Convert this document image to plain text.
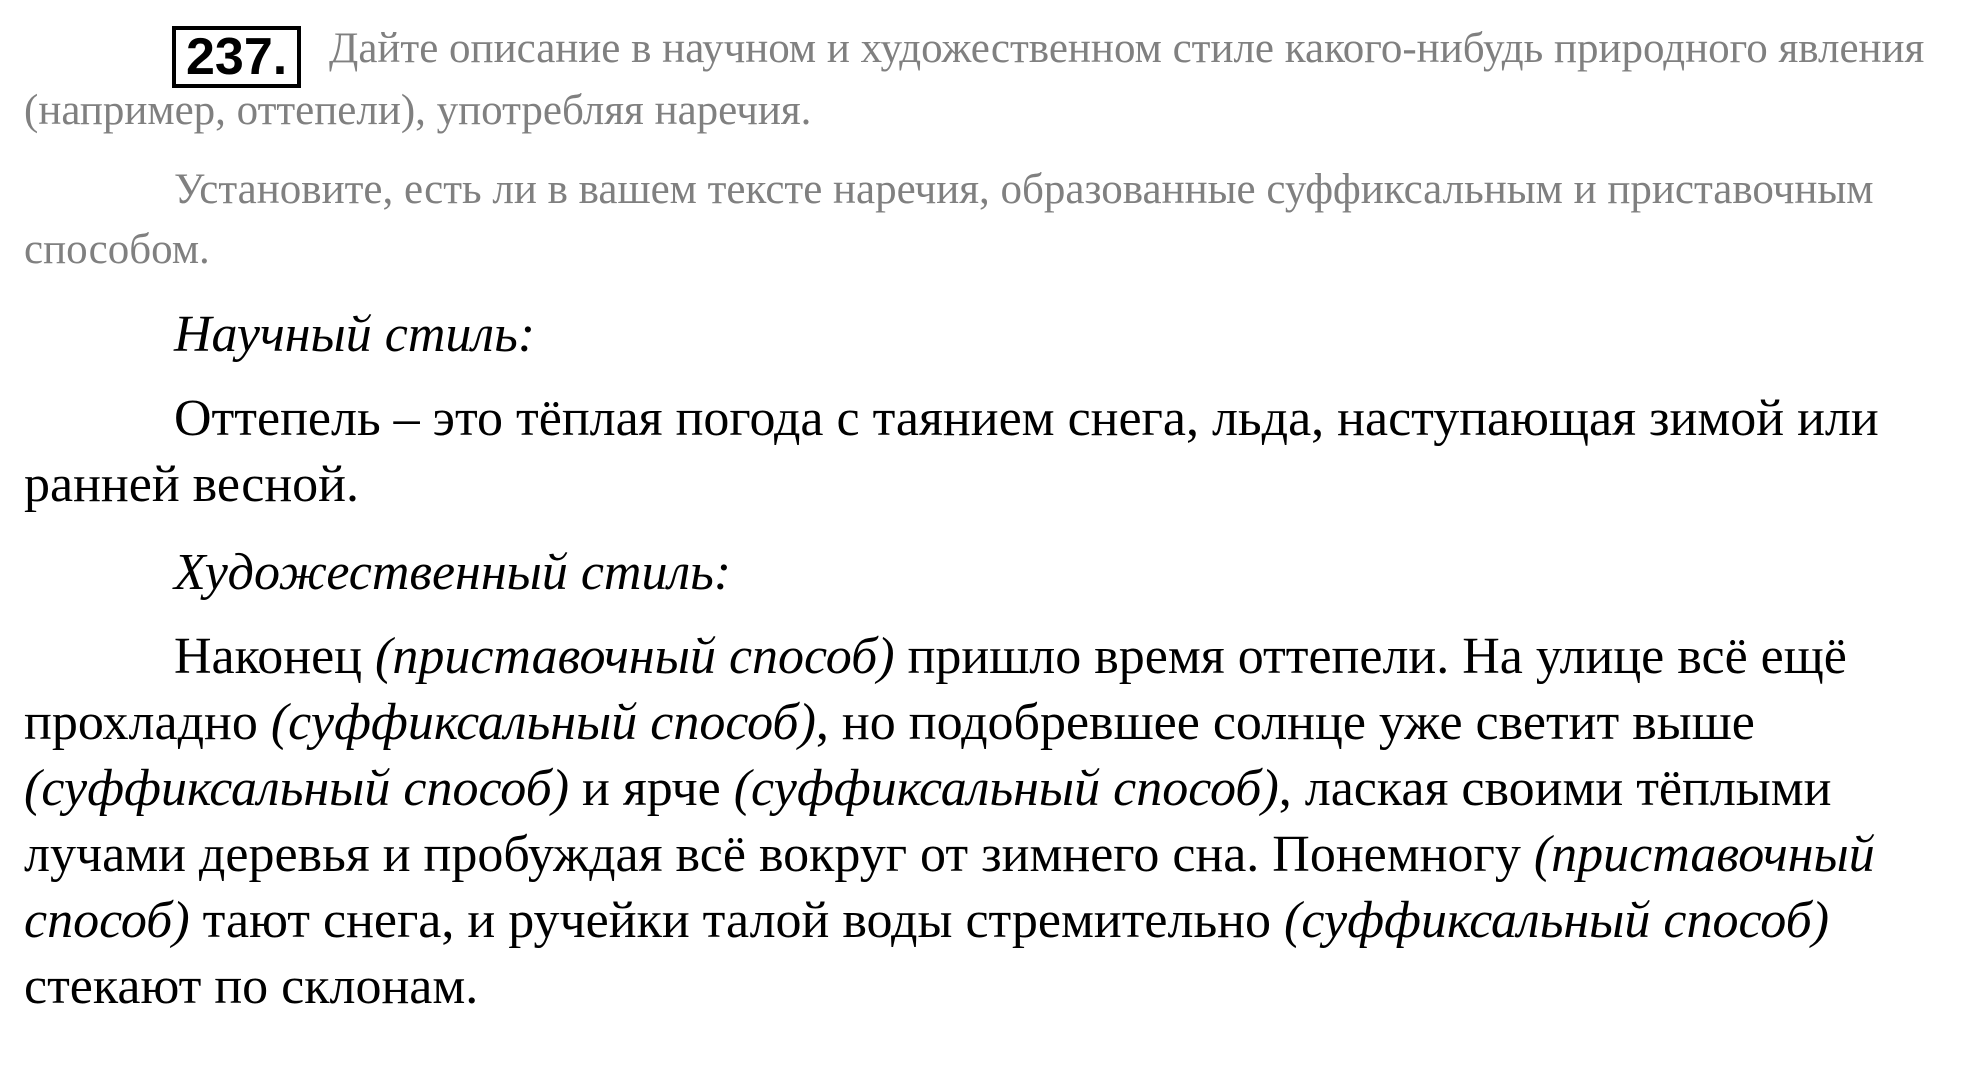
237. Дайте описание в научном и художественном стиле какого-нибудь природного явления (например, оттепели), употребляя наречия.

Установите, есть ли в вашем тексте наречия, образованные суффиксальным и приставочным способом.

Научный стиль:

Оттепель – это тёплая погода с таянием снега, льда, наступающая зимой или ранней весной.

Художественный стиль:

Наконец (приставочный способ) пришло время оттепели. На улице всё ещё прохладно (суффиксальный способ), но подобревшее солнце уже светит выше (суффиксальный способ) и ярче (суффиксальный способ), лаская своими тёплыми лучами деревья и пробуждая всё вокруг от зимнего сна. Понемногу (приставочный способ) тают снега, и ручейки талой воды стремительно (суффиксальный способ) стекают по склонам.
